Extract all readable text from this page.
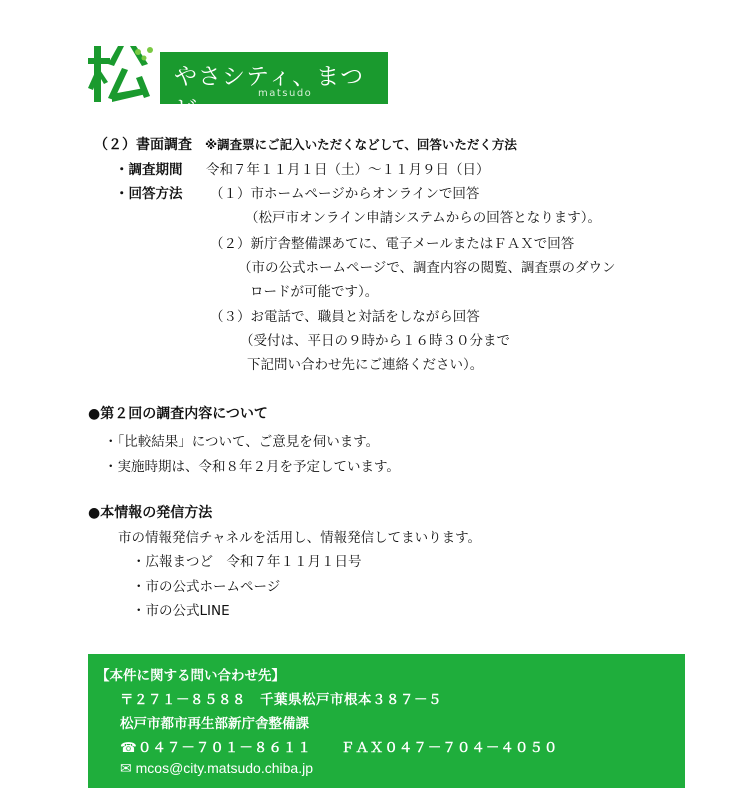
やさシティ、まつど。
matsudo
（２）書面調査 ※調査票にご記入いただくなどして、回答いただく方法
・調査期間 令和７年１１月１日（土）～１１月９日（日）
・回答方法 （１）市ホームページからオンラインで回答
（松戸市オンライン申請システムからの回答となります）。
（２）新庁舎整備課あてに、電子メールまたはＦＡＸで回答
（市の公式ホームページで、調査内容の閲覧、調査票のダウン
ロードが可能です）。
（３）お電話で、職員と対話をしながら回答
（受付は、平日の９時から１６時３０分まで
下記問い合わせ先にご連絡ください）。
●第２回の調査内容について
・「比較結果」について、ご意見を伺います。
・実施時期は、令和８年２月を予定しています。
●本情報の発信方法
市の情報発信チャネルを活用し、情報発信してまいります。
・広報まつど　令和７年１１月１日号
・市の公式ホームページ
・市の公式LINE
【本件に関する問い合わせ先】
〒２７１－８５８８　千葉県松戸市根本３８７－５
松戸市都市再生部新庁舎整備課
☎０４７－７０１－８６１１　　ＦＡＸ０４７－７０４－４０５０
✉ mcos@city.matsudo.chiba.jp
